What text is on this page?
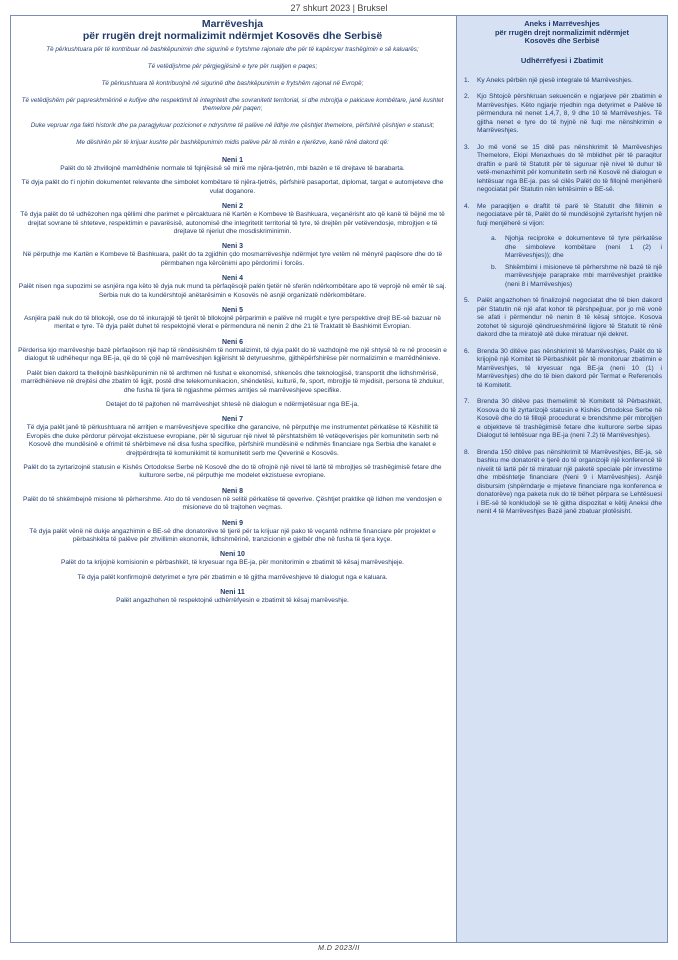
27 shkurt 2023 | Bruksel
Marrëveshja
për rrugën drejt normalizimit ndërmjet Kosovës dhe Serbisë

Të përkushtuara për të kontribuar në bashkëpunimin dhe sigurinë e frytshme rajonale dhe për të kapërcyer trashëgimin e së kaluarës;

Të vetëdijshme për përgjegjësinë e tyre për ruajtjen e paqes;

Të përkushtuara të kontribuojnë në sigurinë dhe bashkëpunimin e frytshëm rajonal në Evropë;

Të vetëdijshëm për papreskhmërinë e kufijve dhe respektimit të integritetit dhe sovranitetit territorial, si dhe mbrojtja e pakicave kombëtare, janë kushtet themelore për paqen;

Duke vepruar nga fakti historik dhe pa paragjykuar pozicionet e ndryshme të palëve në lidhje me çështjet themelore, përfshirë çështjen e statusit;

Me dëshirën për të krijuar kushte për bashkëpunimin midis palëve për të mirën e njerëzve, kanë rënë dakord që:

Neni 1

Palët do të zhvillojnë marrëdhënie normale të fqinjësisë së mirë me njëra-tjetrën, mbi bazën e të drejtave të barabarta.

Të dyja palët do t'i njohin dokumentet relevante dhe simbolet kombëtare të njëra-tjetrës, përfshirë pasaportat, diplomat, targat e automjeteve dhe vulat doganore.

Neni 2

Të dyja palët do të udhëzohen nga qëllimi dhe parimet e përcaktuara në Kartën e Kombeve të Bashkuara, veçanërisht ato që kanë të bëjnë me të drejtat sovrane të shteteve, respektimin e pavarësisë, autonomisë dhe integritetit territorial të tyre, të drejtën për vetëvendosje, mbrojtjen e të drejtave të njeriut dhe mosdiskriminimin.

Neni 3

Në përputhje me Kartën e Kombeve të Bashkuara, palët do ta zgjidhin çdo mosmarrëveshje ndërmjet tyre vetëm në mënyrë paqësore dhe do të përmbahen nga kërcënimi apo përdorimi i forcës.

Neni 4

Palët nisen nga supozimi se asnjëra nga këto të dyja nuk mund ta përfaqësojë palën tjetër në sferën ndërkombëtare apo të veprojë në emër të saj. Serbia nuk do ta kundërshtojë anëtarësimin e Kosovës në asnjë organizatë ndërkombëtare.

Neni 5

Asnjëra palë nuk do të bllokojë, ose do të inkurajojë të tjerët të bllokojnë përparimin e palëve në rrugët e tyre perspektive drejt BE-së bazuar në meritat e tyre. Të dyja palët duhet të respektojnë vlerat e përmendura në nenin 2 dhe 21 të Traktatit të Bashkimit Evropian.

Neni 6

Përderisa kjo marrëveshje bazë përfaqëson një hap të rëndësishëm të normalizimit, të dyja palët do të vazhdojnë me një shtysë të re në procesin e dialogut të udhëhequr nga BE-ja, që do të çojë në marrëveshjen ligjërisht të detyrueshme, gjithëpërfshirëse për normalizimin e marrëdhënieve.

Palët bien dakord ta thellojnë bashkëpunimin në të ardhmen në fushat e ekonomisë, shkencës dhe teknologjisë, transportit dhe lidhshmërisë, marrëdhënieve në drejtësi dhe zbatim të ligjit, postë dhe telekomunikacion, shëndetësi, kulturë, fe, sport, mbrojtje të mjedisit, persona të zhdukur, dhe fusha të tjera të ngjashme përmes arritjes së marrëveshjeve specifike.

Detajet do të pajtohen në marrëveshjet shtesë në dialogun e ndërmjetësuar nga BE-ja.

Neni 7

Të dyja palët janë të përkushtuara në arritjen e marrëveshjeve specifike dhe garancive, në përputhje me instrumentet përkatëse të Këshillit të Evropës dhe duke përdorur përvojat ekzistuese evropiane, për të siguruar një nivel të përshtatshëm të vetëqeverisjes për komunitetin serb në Kosovë dhe mundësinë e ofrimit të shërbimeve në disa fusha specifike, përfshirë mundësinë e ndihmës financiare nga Serbia dhe kanalet e drejtpërdrejta të komunikimit të komunitetit serb me Qeverinë e Kosovës.

Palët do ta zyrtarizojnë statusin e Kishës Ortodokse Serbe në Kosovë dhe do të ofrojnë një nivel të lartë të mbrojtjes së trashëgimisë fetare dhe kulturore serbe, në përputhje me modelet ekzistuese evropiane.

Neni 8

Palët do të shkëmbejnë misione të përhershme. Ato do të vendosen në selitë përkatëse të qeverive. Çështjet praktike që lidhen me vendosjen e misioneve do të trajtohen veçmas.

Neni 9

Të dyja palët vënë në dukje angazhimin e BE-së dhe donatorëve të tjerë për ta krijuar një pako të veçantë ndihme financiare për projektet e përbashkëta të palëve për zhvillimin ekonomik, lidhshmërinë, tranzicionin e gjelbër dhe në fusha të tjera kyçe.

Neni 10

Palët do ta krijojnë komisionin e përbashkët, të kryesuar nga BE-ja, për monitorimin e zbatimit të kësaj marrëveshjeje.

Të dyja palët konfirmojnë detyrimet e tyre për zbatimin e të gjitha marrëveshjeve të dialogut nga e kaluara.

Neni 11

Palët angazhohen të respektojnë udhërrëfyesin e zbatimit të kësaj marrëveshje.

Aneks i Marrëveshjes
për rrugën drejt normalizimit ndërmjet
Kosovës dhe Serbisë
Udhërrëfyesi i Zbatimit
1. Ky Aneks përbën një pjesë integrale të Marrëveshjes.
2. Kjo Shtojcë përshkruan sekuencën e ngjarjeve për zbatimin e Marrëveshjes. Këto ngjarje rrjedhin nga detyrimet e Palëve të përmendura në nenet 1,4,7, 8, 9 dhe 10 të Marrëveshjes. Të gjitha nenet e tyre do të hyjnë në fuqi me nënshkrimin e Marrëveshjes.
3. Jo më vonë se 15 ditë pas nënshkrimit të Marrëveshjes Themelore, Ekipi Menaxhues do të mblidhet për të paraqitur draftin e parë të Statutit për të siguruar një nivel të duhur të vetë-menaxhimit për komunitetin serb në Kosovë në dialogun e lehtësuar nga BE-ja. pas së cilës Palët do të fillojnë menjëherë negociatat për Statutin nën lehtësimin e BE-së.
4. Me paraqitjen e draftit të parë të Statutit dhe fillimin e negociatave për të, Palët do të mundësojnë zyrtarisht hyrjen në fuqi menjëherë si vijon:
a. Njohja reciproke e dokumenteve të tyre përkatëse dhe simboleve kombëtare (neni 1 (2) i Marrëveshjes)); dhe
b. Shkëmbimi i misioneve të përhershme në bazë të një marrëveshjeje paraprake mbi marrëveshjet praktike (neni 8 i Marrëveshjes)
5. Palët angazhohen të finalizojnë negociatat dhe të bien dakord për Statutin në një afat kohor të përshpejtuar, por jo më vonë se afati i përmendur në nenin 8 të kësaj shtojce. Kosova zotohet të sigurojë qëndrueshmërinë ligjore të Statutit të rënë dakord dhe ta miratojë atë duke miratuar një dekret.
6. Brenda 30 ditëve pas nënshkrimit të Marrëveshjes, Palët do të krijojnë një Komitet të Përbashkët për të monitoruar zbatimin e Marrëveshjes, të kryesuar nga BE-ja (neni 10 (1) i Marrëveshjes) dhe do të bien dakord për Termat e Referencës të Komitetit.
7. Brenda 30 ditëve pas themelimit të Komitetit të Përbashkët, Kosova do të zyrtarizojë statusin e Kishës Ortodokse Serbe në Kosovë dhe do të fillojë procedurat e brendshme për mbrojtjen e objekteve të trashëgimisë fetare dhe kulturore serbe sipas Dialogut të lehtësuar nga BE-ja (neni 7.2) të Marrëveshjes).
8. Brenda 150 ditëve pas nënshkrimit të Marrëveshjes, BE-ja, së bashku me donatorët e tjerë do të organizojë një konferencë të nivelit të lartë për të miratuar një paketë speciale për investime dhe mbështetje financiare (Neni 9 i Marrëveshjes). Asnjë disbursim (shpërndarje e mjeteve financiare nga konferenca e donatorëve) nga paketa nuk do të bëhet përpara se Lehtësuesi i BE-së të konkludojë se të gjitha dispozitat e këtij Aneksi dhe nenit 4 të Marrëveshjes Bazë janë zbatuar plotësisht.
M.D 2023/II
